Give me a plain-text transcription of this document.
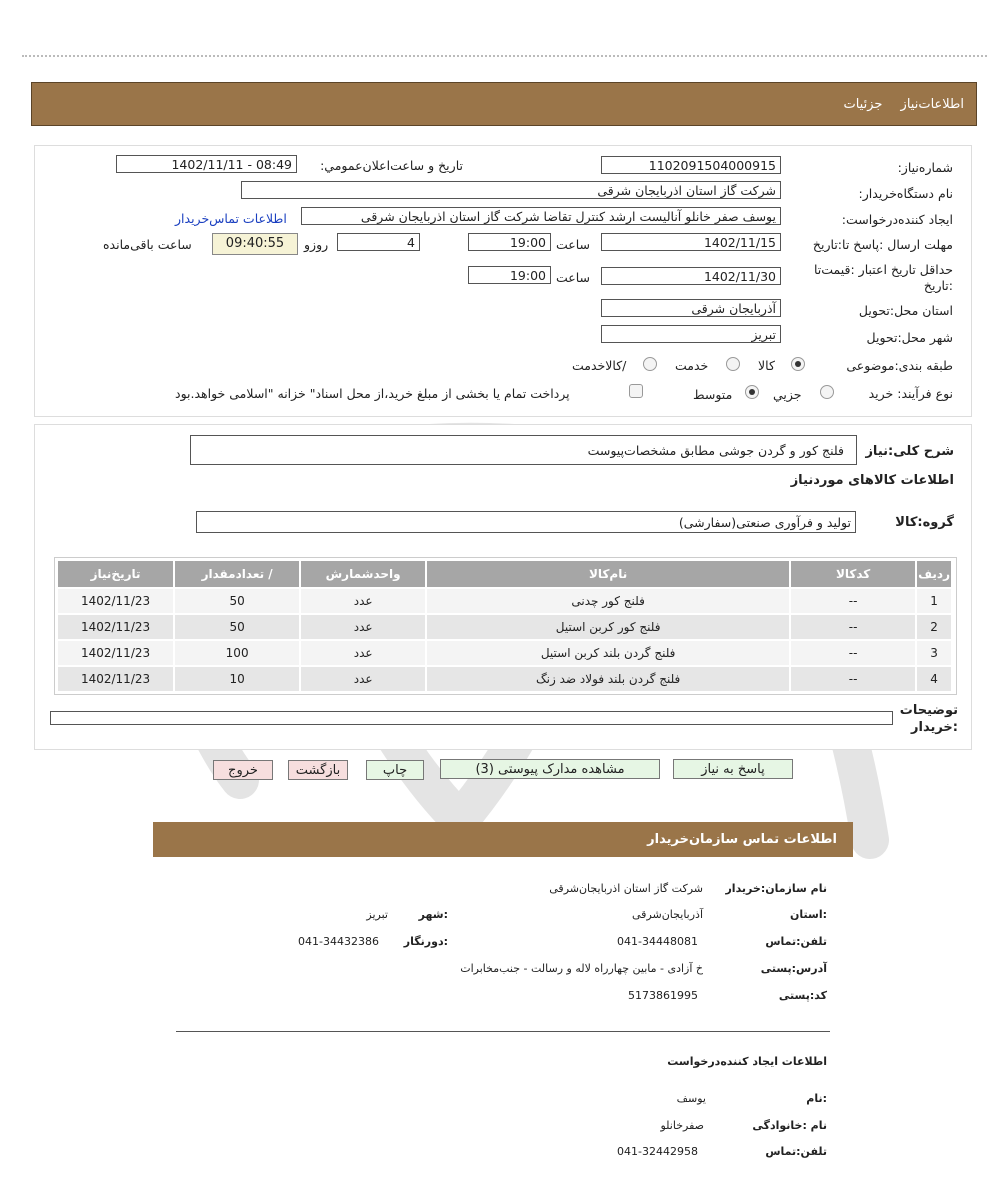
اطلاعات‌نیاز جزئیات
شماره‌نیاز:
1102091504000915
تاریخ و ساعت‌اعلان‌عمومي:
1402/11/11 - 08:49
نام دستگاه‌خریدار:
شرکت گاز استان اذربایجان شرقی
ایجاد کننده‌درخواست:
یوسف صفر خانلو آنالیست ارشد کنترل تقاضا شرکت گاز استان اذربایجان شرقی
اطلاعات تماس‌خریدار
مهلت ارسال :پاسخ تا:تاریخ
1402/11/15
ساعت
19:00
4
روزو
09:40:55
ساعت باقی‌مانده
حداقل تاریخ اعتبار :قیمت‌تا
:تاریخ
1402/11/30
ساعت
19:00
استان محل:تحویل
آذربایجان شرقی
شهر محل:تحویل
تبریز
طبقه بندی:موضوعی
کالا
خدمت
/کالاخدمت
نوع فرآیند: خرید
جزیي
متوسط
پرداخت تمام یا بخشی از مبلغ خرید،از محل اسناد" خزانه "اسلامی خواهد.بود
شرح کلی:نیاز
فلنج کور و گردن جوشی مطابق مشخصات‌پیوست
اطلاعات کالاهای مورد‌نیاز
گروه:کالا
تولید و فرآوری صنعتی(سفارشی)
ردیف	کدکالا	نام‌کالا	واحدشمارش	/ تعدادمقدار	تاریخ‌نیاز
1	--	فلنج کور چدنی	عدد	50	1402/11/23
2	--	فلنج کور کربن استیل	عدد	50	1402/11/23
3	--	فلنج گردن بلند کربن استیل	عدد	100	1402/11/23
4	--	فلنج گردن بلند فولاد ضد زنگ	عدد	10	1402/11/23
توضیحات
:خریدار
پاسخ به نیاز
مشاهده مدارک پیوستی (3)
چاپ
بازگشت
خروج
اطلاعات تماس سازمان‌خریدار
نام سازمان:خریدار
شرکت گاز استان اذربایجان‌شرقی
:استان
آذربایجان‌شرقی
:شهر
تبریز
تلفن:تماس
041-34448081
:دورنگار
041-34432386
آدرس:پستی
خ آزادی - مابین چهارراه لاله و رسالت - جنب‌مخابرات
کد:پستی
5173861995
اطلاعات ایجاد کننده‌درخواست
:نام
یوسف
نام :خانوادگی
صفرخانلو
تلفن:تماس
041-32442958
